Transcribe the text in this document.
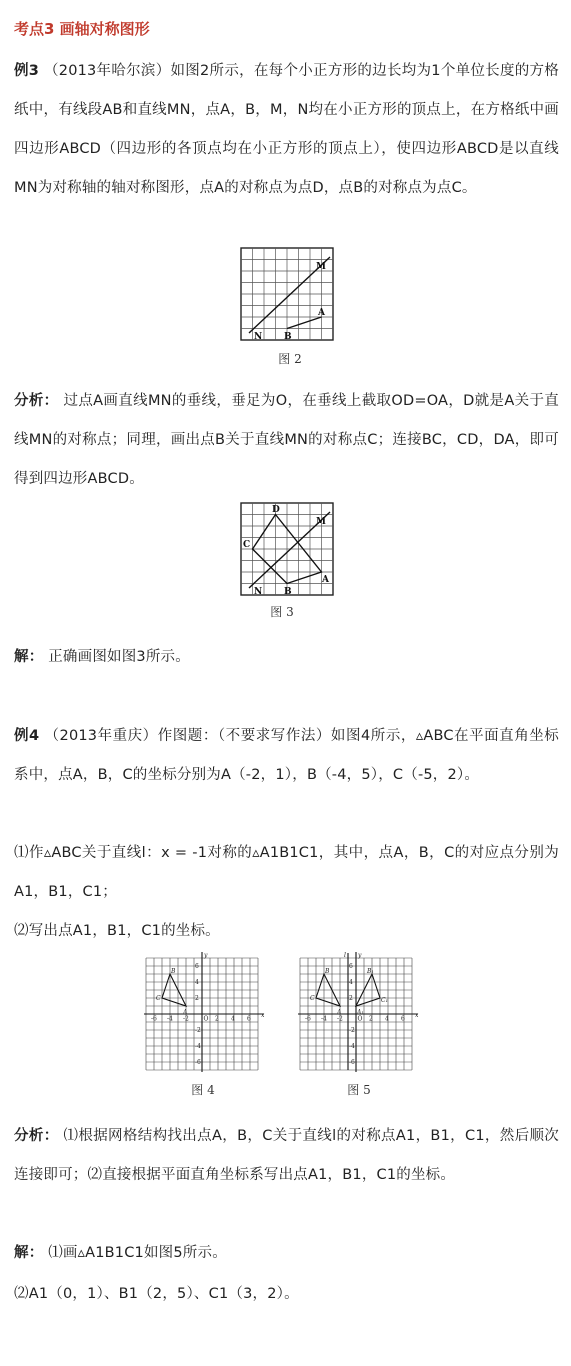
考点3 画轴对称图形
例3 （2013年哈尔滨）如图2所示，在每个小正方形的边长均为1个单位长度的方格纸中，有线段AB和直线MN，点A，B，M，N均在小正方形的顶点上，在方格纸中画四边形ABCD（四边形的各顶点均在小正方形的顶点上），使四边形ABCD是以直线MN为对称轴的轴对称图形，点A的对称点为点D，点B的对称点为点C。
M
N B
A
图 2
分析： 过点A画直线MN的垂线，垂足为O，在垂线上截取OD=OA，D就是A关于直线MN的对称点；同理，画出点B关于直线MN的对称点C；连接BC，CD，DA，即可得到四边形ABCD。
M
N B
A
C
D
图 3
解： 正确画图如图3所示。
例4 （2013年重庆）作图题：（不要求写作法）如图4所示，▵ABC在平面直角坐标系中，点A，B，C的坐标分别为A（-2，1），B（-4，5），C（-5，2）。
⑴作▵ABC关于直线l：x = -1对称的▵A1B1C1，其中，点A，B，C的对应点分别为A1，B1，C1；
⑵写出点A1，B1，C1的坐标。
x
y
O
-6 -4 -2	2 4 6
6
4
2
-2
-4
-6
A
B
C
图 4
x
y
O
-6 -4 -2	2 4 6
6
4
2
-2
-4
-6
l
A
B
C
A₁
B₁
C₁
图 5
分析： ⑴根据网格结构找出点A，B，C关于直线l的对称点A1，B1，C1，然后顺次连接即可；⑵直接根据平面直角坐标系写出点A1，B1，C1的坐标。
解： ⑴画▵A1B1C1如图5所示。
⑵A1（0，1）、B1（2，5）、C1（3，2）。
